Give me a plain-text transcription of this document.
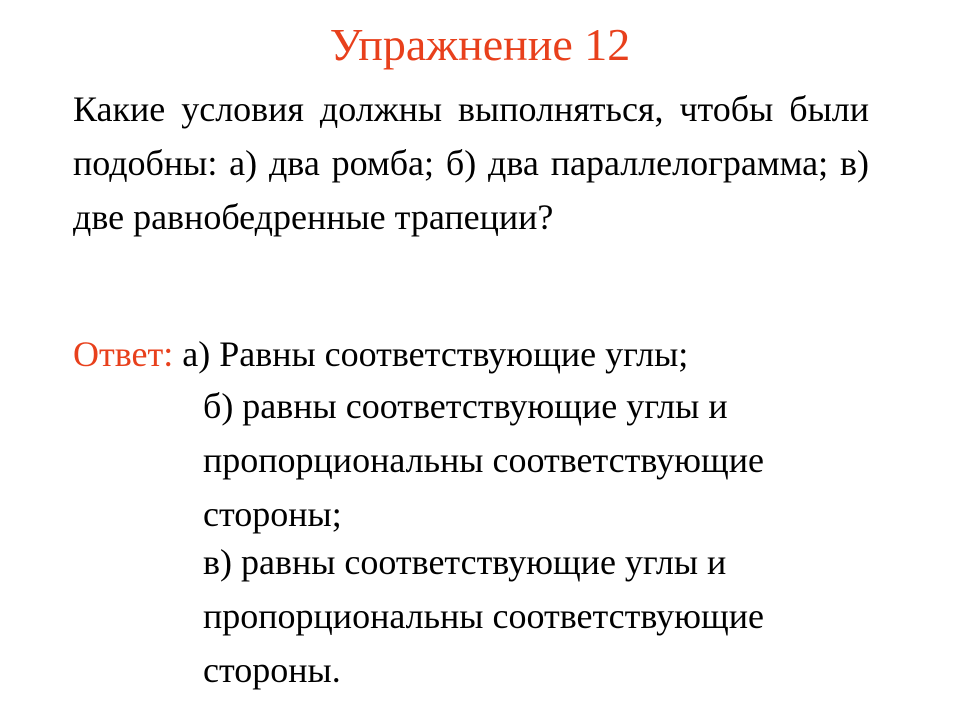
Упражнение 12
Какие условия должны выполняться, чтобы были подобны: а) два ромба; б) два параллелограмма; в) две равнобедренные трапеции?
Ответ: а) Равны соответствующие углы;
б) равны соответствующие углы и
пропорциональны соответствующие
стороны;
в) равны соответствующие углы и
пропорциональны соответствующие
стороны.
